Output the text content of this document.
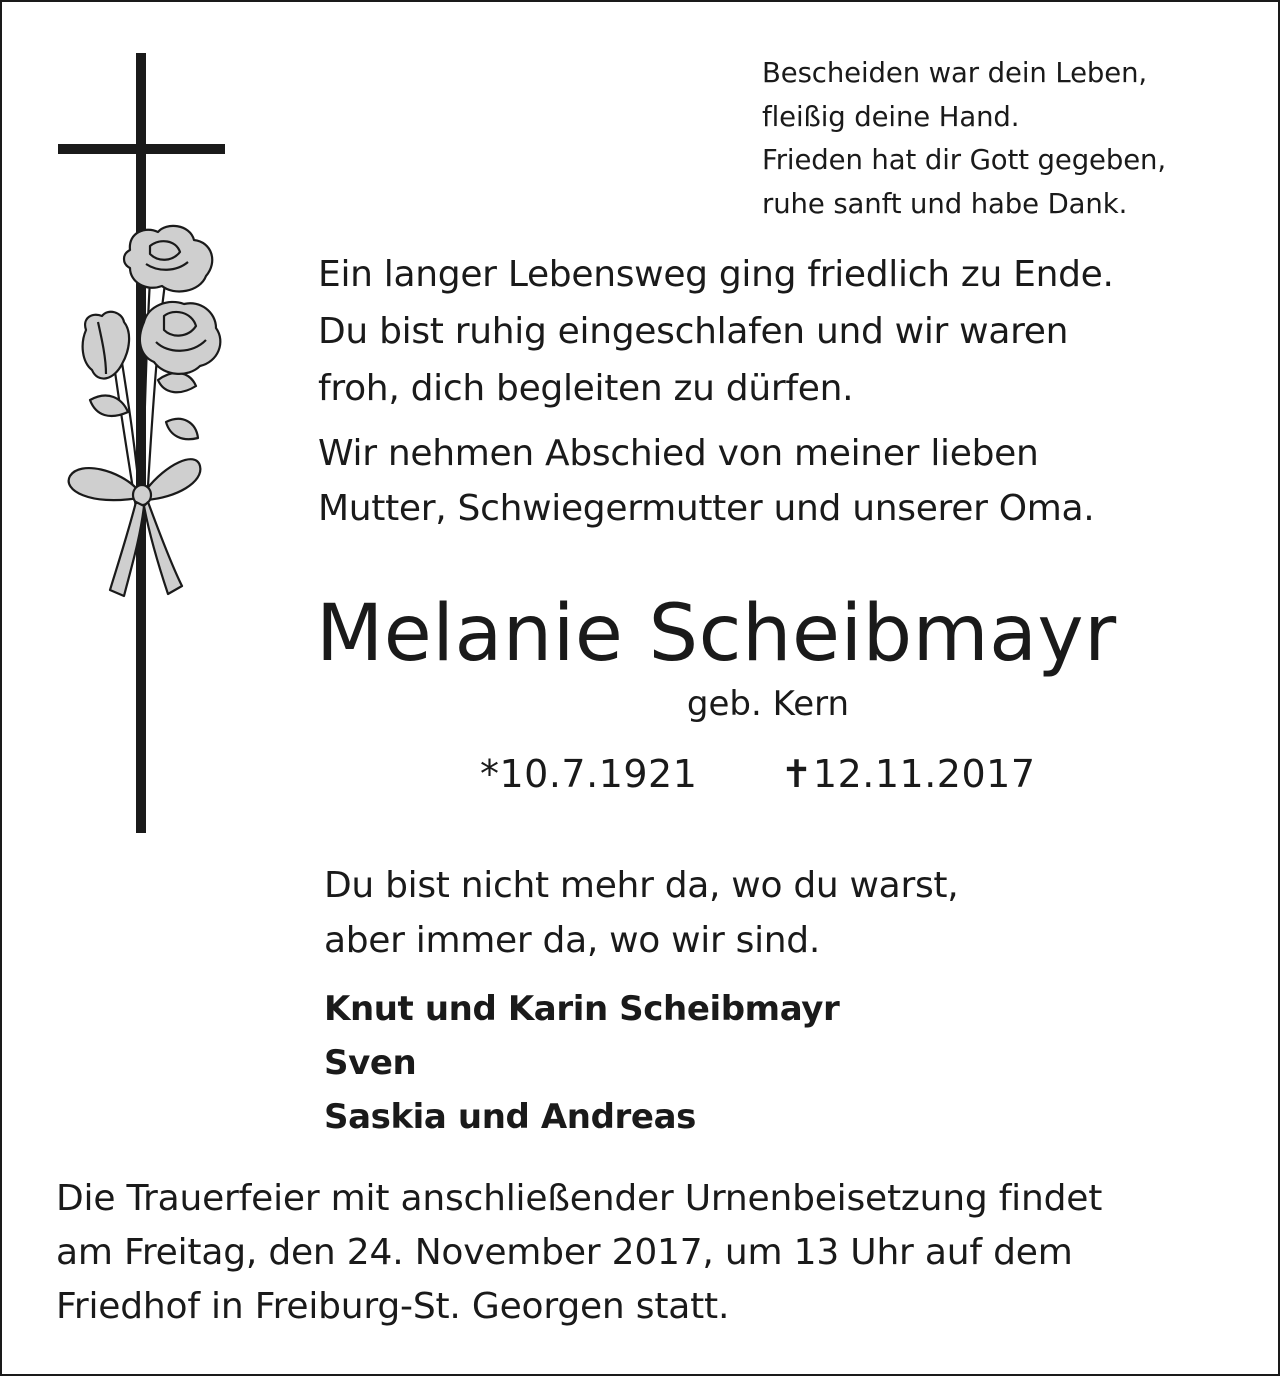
Bescheiden war dein Leben,
fleißig deine Hand.
Frieden hat dir Gott gegeben,
ruhe sanft und habe Dank.
Ein langer Lebensweg ging friedlich zu Ende.
Du bist ruhig eingeschlafen und wir waren
froh, dich begleiten zu dürfen.
Wir nehmen Abschied von meiner lieben
Mutter, Schwiegermutter und unserer Oma.
Melanie Scheibmayr
geb. Kern
*10.7.1921 ✝12.11.2017
Du bist nicht mehr da, wo du warst,
aber immer da, wo wir sind.
Knut und Karin Scheibmayr
Sven
Saskia und Andreas
Die Trauerfeier mit anschließender Urnenbeisetzung findet
am Freitag, den 24. November 2017, um 13 Uhr auf dem
Friedhof in Freiburg-St. Georgen statt.
